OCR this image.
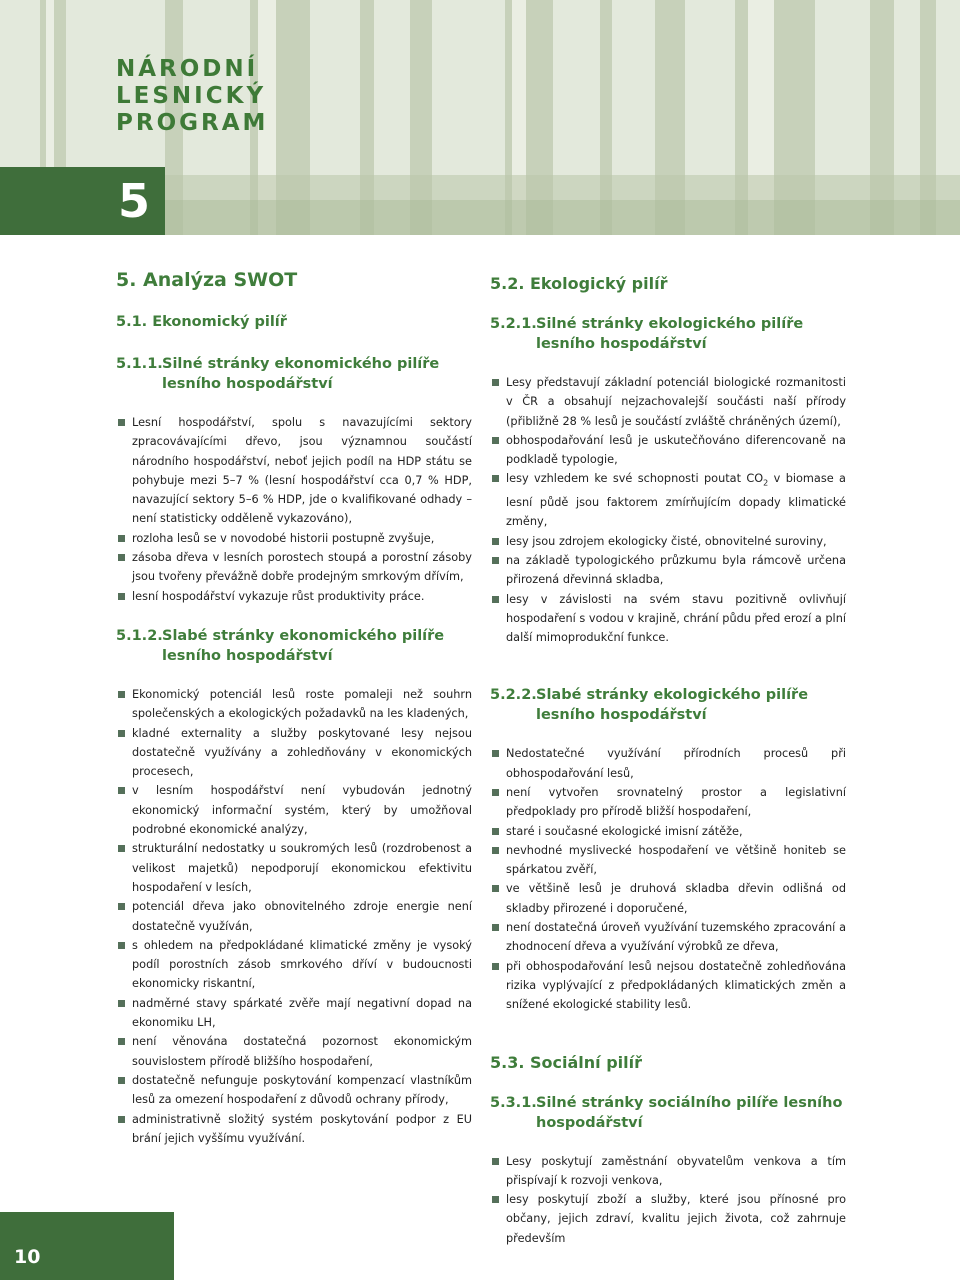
NÁRODNÍ
LESNICKÝ
PROGRAM
5
5. Analýza SWOT
5.1. Ekonomický pilíř
5.1.1.Silné stránky ekonomického pilíře
lesního hospodářství
Lesní hospodářství, spolu s navazujícími sektory zpracovávajícími dřevo, jsou významnou součástí národního hospodářství, neboť jejich podíl na HDP státu se pohybuje mezi 5–7 % (lesní hospodářství cca 0,7 % HDP, navazující sektory 5–6 % HDP, jde o kvalifikované odhady – není statisticky odděleně vykazováno),
rozloha lesů se v novodobé historii postupně zvyšuje,
zásoba dřeva v lesních porostech stoupá a porostní zásoby jsou tvořeny převážně dobře prodejným smrkovým dřívím,
lesní hospodářství vykazuje růst produktivity práce.
5.1.2.Slabé stránky ekonomického pilíře
lesního hospodářství
Ekonomický potenciál lesů roste pomaleji než souhrn společenských a ekologických požadavků na les kladených,
kladné externality a služby poskytované lesy nejsou dostatečně využívány a zohledňovány v ekonomických procesech,
v lesním hospodářství není vybudován jednotný ekonomický informační systém, který by umožňoval podrobné ekonomické analýzy,
strukturální nedostatky u soukromých lesů (rozdrobenost a velikost majetků) nepodporují ekonomickou efektivitu hospodaření v lesích,
potenciál dřeva jako obnovitelného zdroje energie není dostatečně využíván,
s ohledem na předpokládané klimatické změny je vysoký podíl porostních zásob smrkového dříví v budoucnosti ekonomicky riskantní,
nadměrné stavy spárkaté zvěře mají negativní dopad na ekonomiku LH,
není věnována dostatečná pozornost ekonomickým souvislostem přírodě bližšího hospodaření,
dostatečně nefunguje poskytování kompenzací vlastníkům lesů za omezení hospodaření z důvodů ochrany přírody,
administrativně složitý systém poskytování podpor z EU brání jejich vyššímu využívání.
5.2. Ekologický pilíř
5.2.1.Silné stránky ekologického pilíře
lesního hospodářství
Lesy představují základní potenciál biologické rozmanitosti v ČR a obsahují nejzachovalejší součásti naší přírody (přibližně 28 % lesů je součástí zvláště chráněných území),
obhospodařování lesů je uskutečňováno diferencovaně na podkladě typologie,
lesy vzhledem ke své schopnosti poutat $CO_2$ v biomase a lesní půdě jsou faktorem zmírňujícím dopady klimatické změny,
lesy jsou zdrojem ekologicky čisté, obnovitelné suroviny,
na základě typologického průzkumu byla rámcově určena přirozená dřevinná skladba,
lesy v závislosti na svém stavu pozitivně ovlivňují hospodaření s vodou v krajině, chrání půdu před erozí a plní další mimoprodukční funkce.
5.2.2.Slabé stránky ekologického pilíře
lesního hospodářství
Nedostatečné využívání přírodních procesů při obhospodařování lesů,
není vytvořen srovnatelný prostor a legislativní předpoklady pro přírodě bližší hospodaření,
staré i současné ekologické imisní zátěže,
nevhodné myslivecké hospodaření ve většině honiteb se spárkatou zvěří,
ve většině lesů je druhová skladba dřevin odlišná od skladby přirozené i doporučené,
není dostatečná úroveň využívání tuzemského zpracování a zhodnocení dřeva a využívání výrobků ze dřeva,
při obhospodařování lesů nejsou dostatečně zohledňována rizika vyplývající z předpokládaných klimatických změn a snížené ekologické stability lesů.
5.3. Sociální pilíř
5.3.1.Silné stránky sociálního pilíře lesního
hospodářství
Lesy poskytují zaměstnání obyvatelům venkova a tím přispívají k rozvoji venkova,
lesy poskytují zboží a služby, které jsou přínosné pro občany, jejich zdraví, kvalitu jejich života, což zahrnuje především
10
